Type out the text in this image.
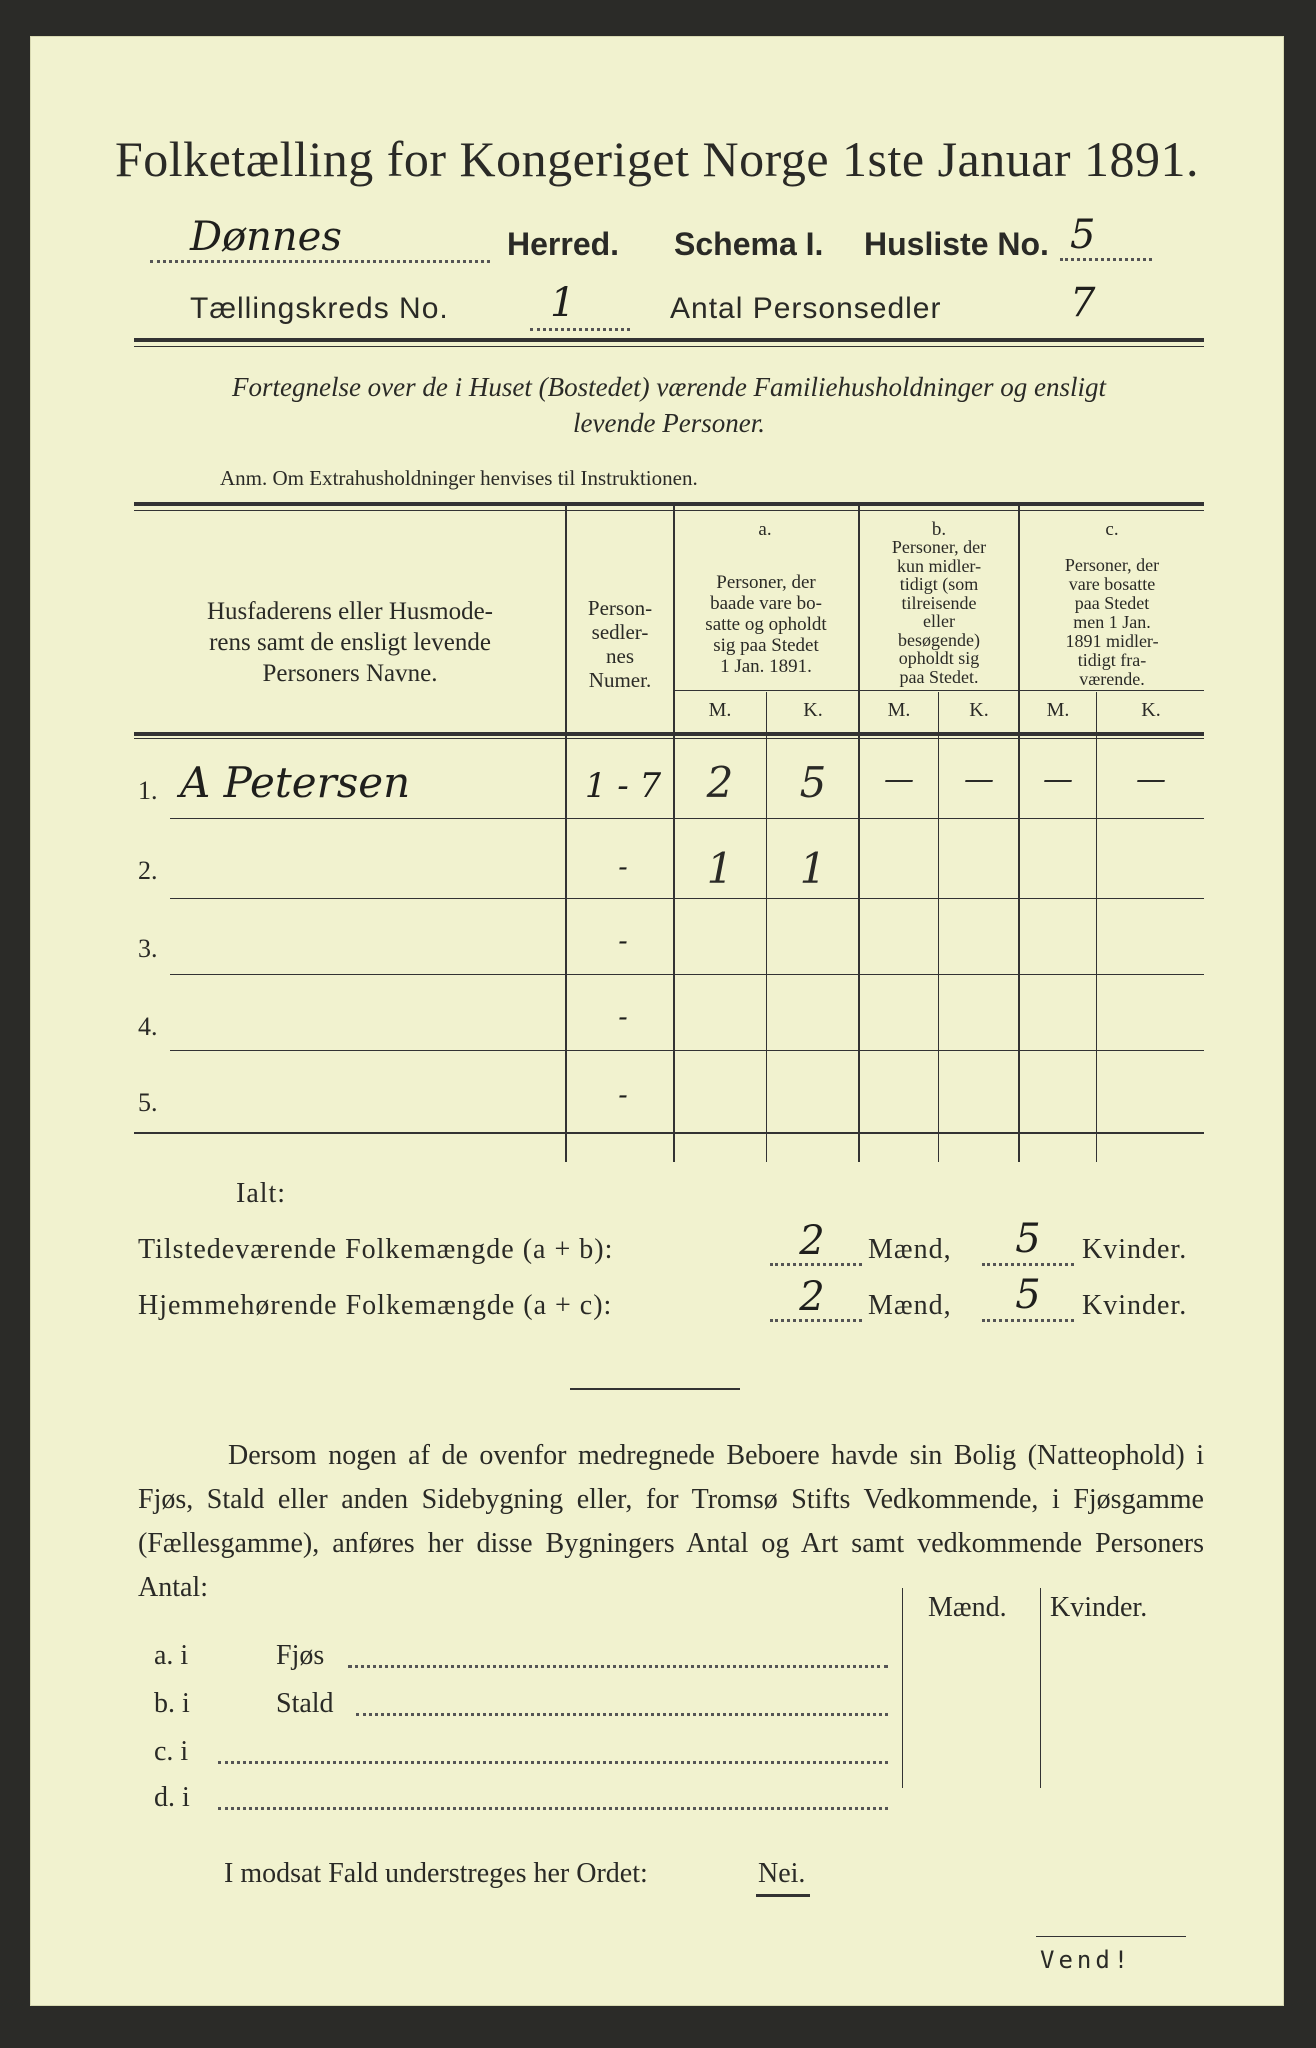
Folketælling for Kongeriget Norge 1ste Januar 1891.
Dønnes	Herred. Schema I. Husliste No. 5
Tællingskreds No.	1	Antal Personsedler	7
Fortegnelse over de i Huset (Bostedet) værende Familiehusholdninger og ensligt
levende Personer.
Anm. Om Extrahusholdninger henvises til Instruktionen.
Husfaderens eller Husmode-
rens samt de ensligt levende
Personers Navne.
Person-
sedler-
nes
Numer.
a.
Personer, der
baade vare bo-
satte og opholdt
sig paa Stedet
1 Jan. 1891.
b.
Personer, der
kun midler-
tidigt (som
tilreisende
eller
besøgende)
opholdt sig
paa Stedet.
c.
Personer, der
vare bosatte
paa Stedet
men 1 Jan.
1891 midler-
tidigt fra-
værende.
M.	K.	M.	K.	M.	K.
1. A Petersen	1 - 7	2	5	—	—	—	—
2.	-	1	1
3.	-
4.	-
5.	-
Ialt:
Tilstedeværende Folkemængde (a + b):	2	Mænd,	5	Kvinder.
Hjemmehørende Folkemængde (a + c):	2	Mænd,	5	Kvinder.
Dersom nogen af de ovenfor medregnede Beboere havde sin Bolig (Natteophold) i Fjøs, Stald eller anden Sidebygning eller, for Tromsø Stifts Vedkommende, i Fjøsgamme (Fællesgamme), anføres her disse Bygningers Antal og Art samt vedkommende Personers Antal:
Mænd. Kvinder.
a. i	Fjøs
b. i	Stald
c. i
d. i
I modsat Fald understreges her Ordet:	Nei.
Vend!
